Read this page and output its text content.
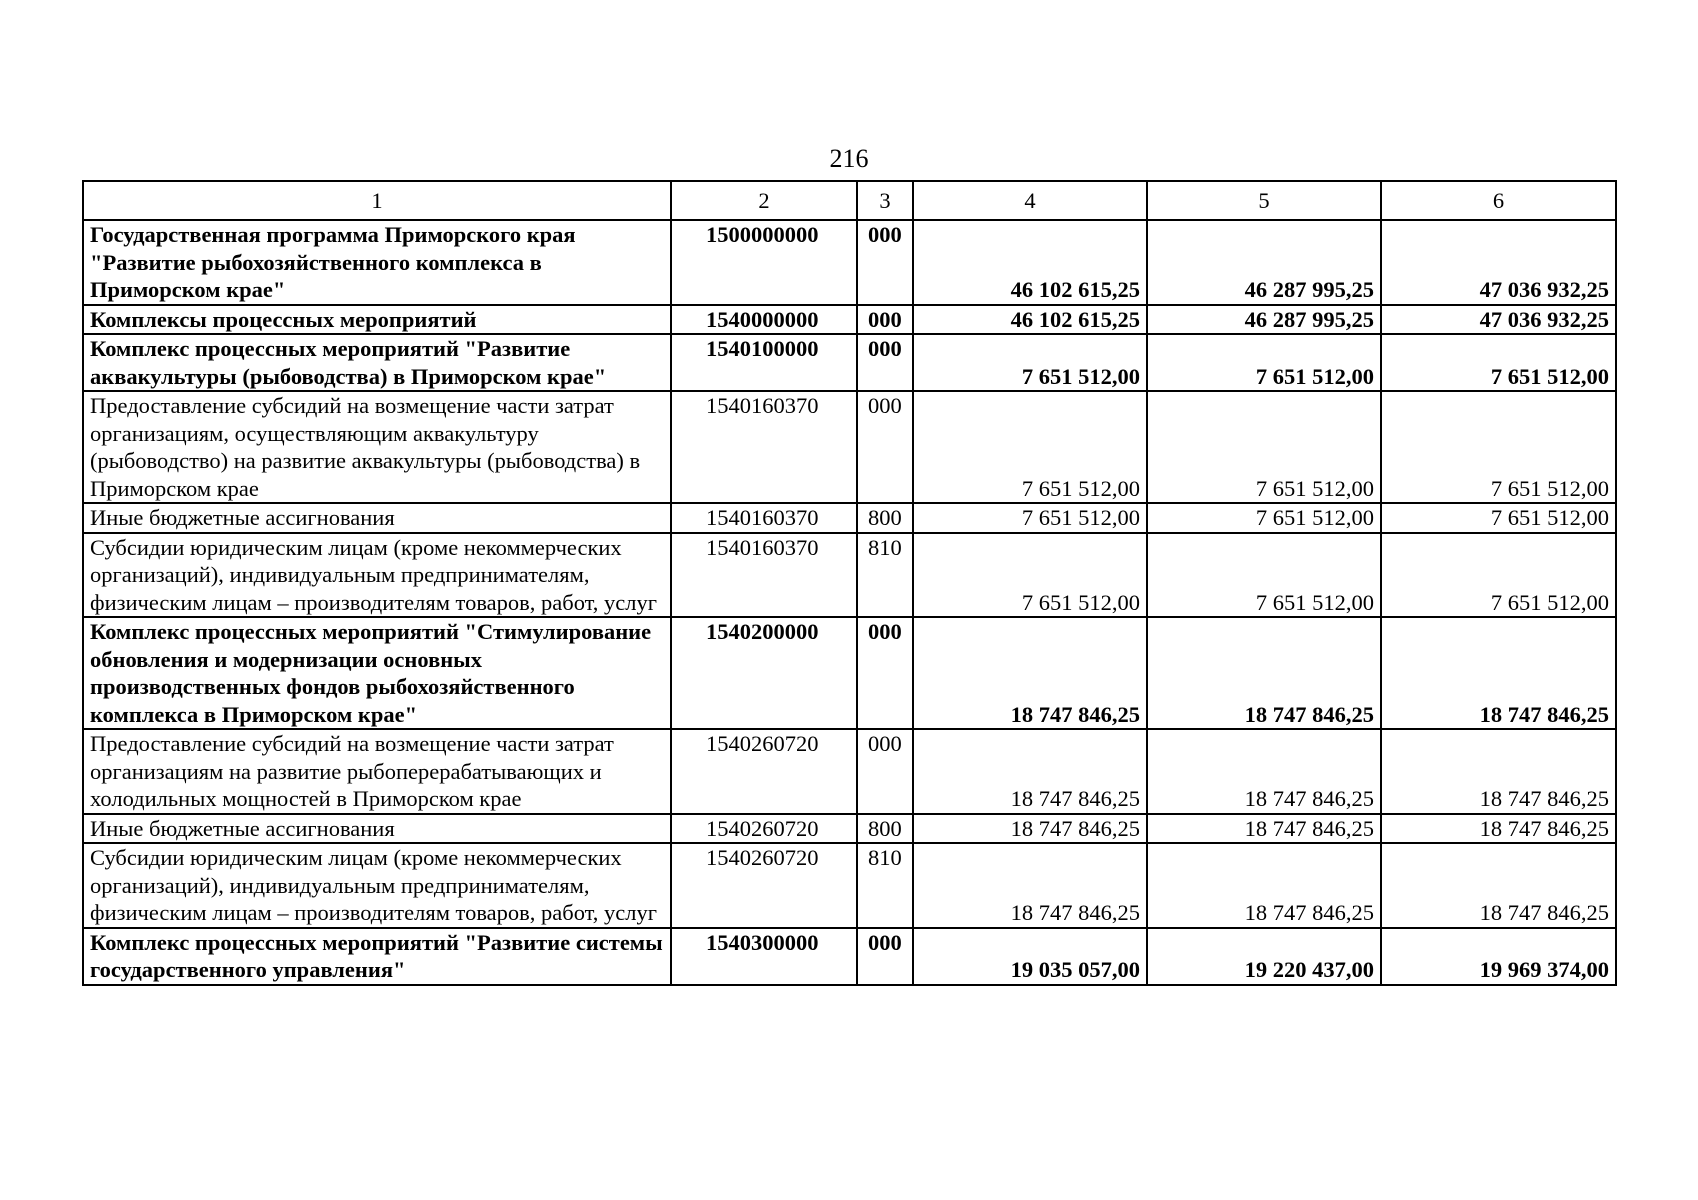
216
1	2	3	4	5	6
Государственная программа Приморского края "Развитие рыбохозяйственного комплекса в Приморском крае"	1500000000	000	46 102 615,25	46 287 995,25	47 036 932,25
Комплексы процессных мероприятий	1540000000	000	46 102 615,25	46 287 995,25	47 036 932,25
Комплекс процессных мероприятий "Развитие аквакультуры (рыбоводства) в Приморском крае"	1540100000	000	7 651 512,00	7 651 512,00	7 651 512,00
Предоставление субсидий на возмещение части затрат организациям, осуществляющим аквакультуру (рыбоводство) на развитие аквакультуры (рыбоводства) в Приморском крае	1540160370	000	7 651 512,00	7 651 512,00	7 651 512,00
Иные бюджетные ассигнования	1540160370	800	7 651 512,00	7 651 512,00	7 651 512,00
Субсидии юридическим лицам (кроме некоммерческих организаций), индивидуальным предпринимателям, физическим лицам – производителям товаров, работ, услуг	1540160370	810	7 651 512,00	7 651 512,00	7 651 512,00
Комплекс процессных мероприятий "Стимулирование обновления и модернизации основных производственных фондов рыбохозяйственного комплекса в Приморском крае"	1540200000	000	18 747 846,25	18 747 846,25	18 747 846,25
Предоставление субсидий на возмещение части затрат организациям на развитие рыбоперерабатывающих и холодильных мощностей в Приморском крае	1540260720	000	18 747 846,25	18 747 846,25	18 747 846,25
Иные бюджетные ассигнования	1540260720	800	18 747 846,25	18 747 846,25	18 747 846,25
Субсидии юридическим лицам (кроме некоммерческих организаций), индивидуальным предпринимателям, физическим лицам – производителям товаров, работ, услуг	1540260720	810	18 747 846,25	18 747 846,25	18 747 846,25
Комплекс процессных мероприятий "Развитие системы государственного управления"	1540300000	000	19 035 057,00	19 220 437,00	19 969 374,00
